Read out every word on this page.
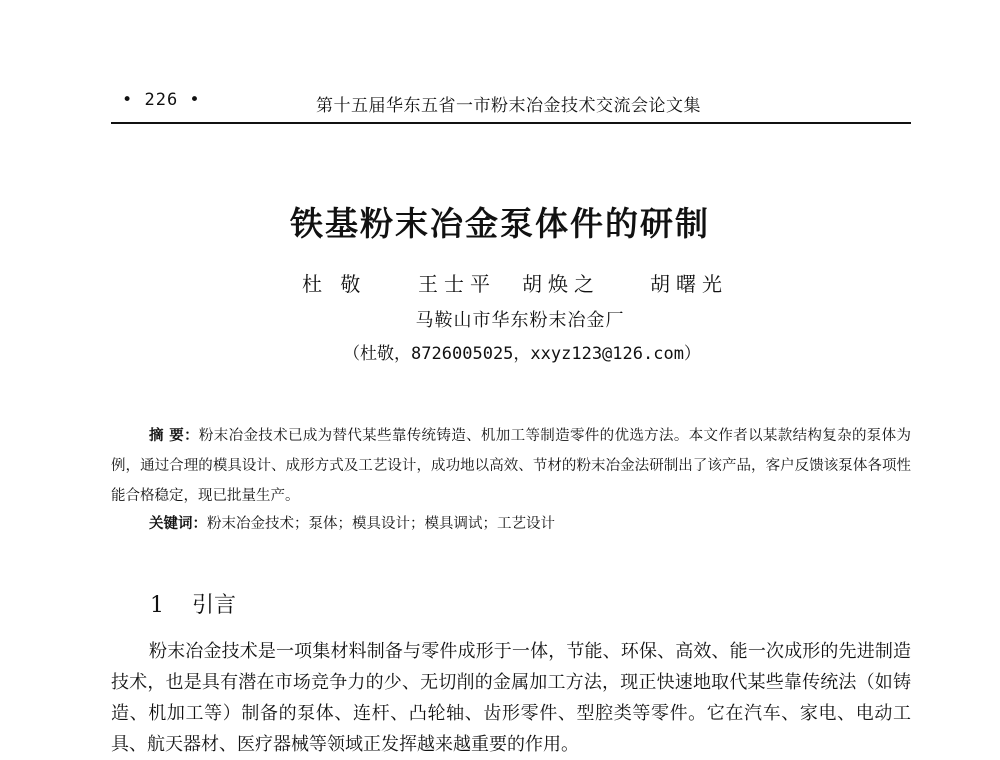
• 226 •	第十五届华东五省一市粉末冶金技术交流会论文集
铁基粉末冶金泵体件的研制
杜 敬	王士平 胡焕之	胡曙光
马鞍山市华东粉末冶金厂
（杜敬，8726005025，xxyz123@126.com）
摘 要：粉末冶金技术已成为替代某些靠传统铸造、机加工等制造零件的优选方法。本文作者以某款结构复杂的泵体为例，通过合理的模具设计、成形方式及工艺设计，成功地以高效、节材的粉末冶金法研制出了该产品，客户反馈该泵体各项性能合格稳定，现已批量生产。
关键词：粉末冶金技术；泵体；模具设计；模具调试；工艺设计
1 引言
粉末冶金技术是一项集材料制备与零件成形于一体，节能、环保、高效、能一次成形的先进制造技术，也是具有潜在市场竞争力的少、无切削的金属加工方法，现正快速地取代某些靠传统法（如铸造、机加工等）制备的泵体、连杆、凸轮轴、齿形零件、型腔类等零件。它在汽车、家电、电动工具、航天器材、医疗器械等领域正发挥越来越重要的作用。
